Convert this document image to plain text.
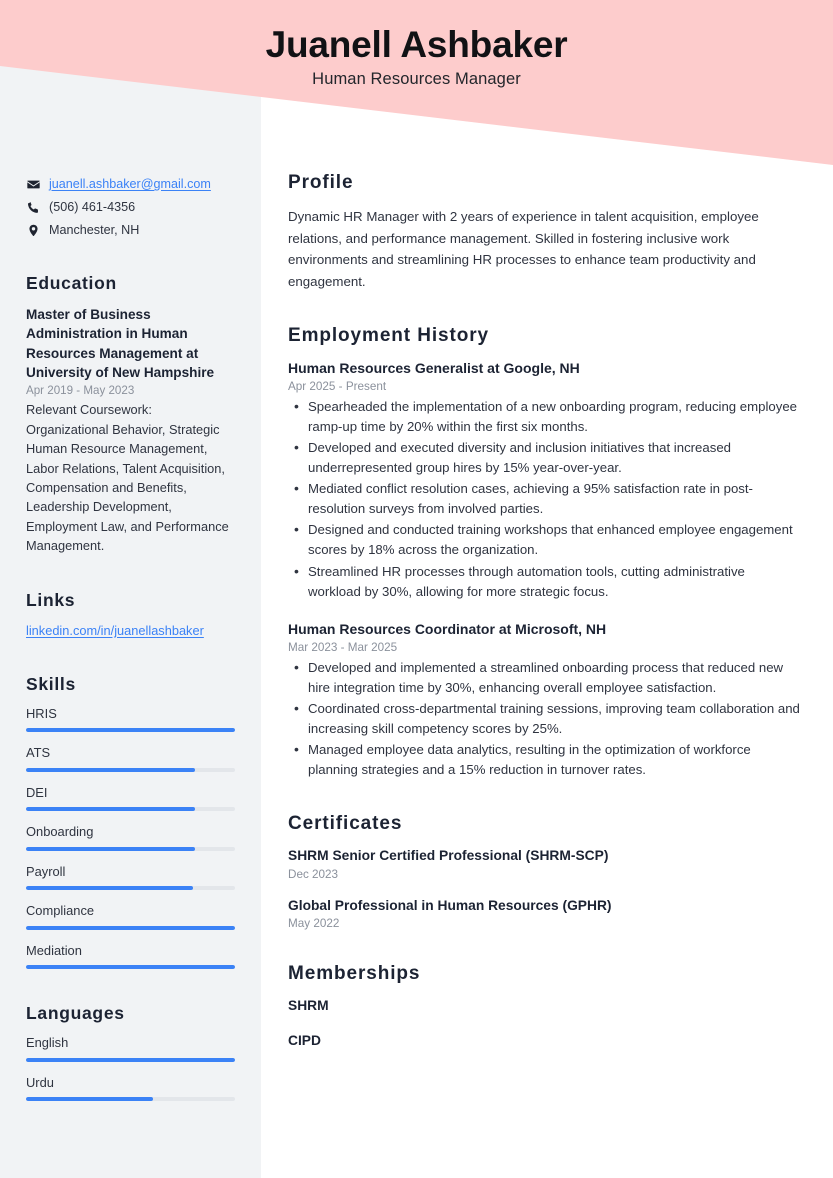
Juanell Ashbaker
Human Resources Manager
juanell.ashbaker@gmail.com
(506) 461-4356
Manchester, NH
Education
Master of Business Administration in Human Resources Management at University of New Hampshire
Apr 2019 - May 2023
Relevant Coursework: Organizational Behavior, Strategic Human Resource Management, Labor Relations, Talent Acquisition, Compensation and Benefits, Leadership Development, Employment Law, and Performance Management.
Links
linkedin.com/in/juanellashbaker
Skills
HRIS
ATS
DEI
Onboarding
Payroll
Compliance
Mediation
Languages
English
Urdu
Profile
Dynamic HR Manager with 2 years of experience in talent acquisition, employee relations, and performance management. Skilled in fostering inclusive work environments and streamlining HR processes to enhance team productivity and engagement.
Employment History
Human Resources Generalist at Google, NH
Apr 2025 - Present
• Spearheaded the implementation of a new onboarding program, reducing employee ramp-up time by 20% within the first six months.
• Developed and executed diversity and inclusion initiatives that increased underrepresented group hires by 15% year-over-year.
• Mediated conflict resolution cases, achieving a 95% satisfaction rate in post-resolution surveys from involved parties.
• Designed and conducted training workshops that enhanced employee engagement scores by 18% across the organization.
• Streamlined HR processes through automation tools, cutting administrative workload by 30%, allowing for more strategic focus.
Human Resources Coordinator at Microsoft, NH
Mar 2023 - Mar 2025
• Developed and implemented a streamlined onboarding process that reduced new hire integration time by 30%, enhancing overall employee satisfaction.
• Coordinated cross-departmental training sessions, improving team collaboration and increasing skill competency scores by 25%.
• Managed employee data analytics, resulting in the optimization of workforce planning strategies and a 15% reduction in turnover rates.
Certificates
SHRM Senior Certified Professional (SHRM-SCP)
Dec 2023
Global Professional in Human Resources (GPHR)
May 2022
Memberships
SHRM
CIPD
